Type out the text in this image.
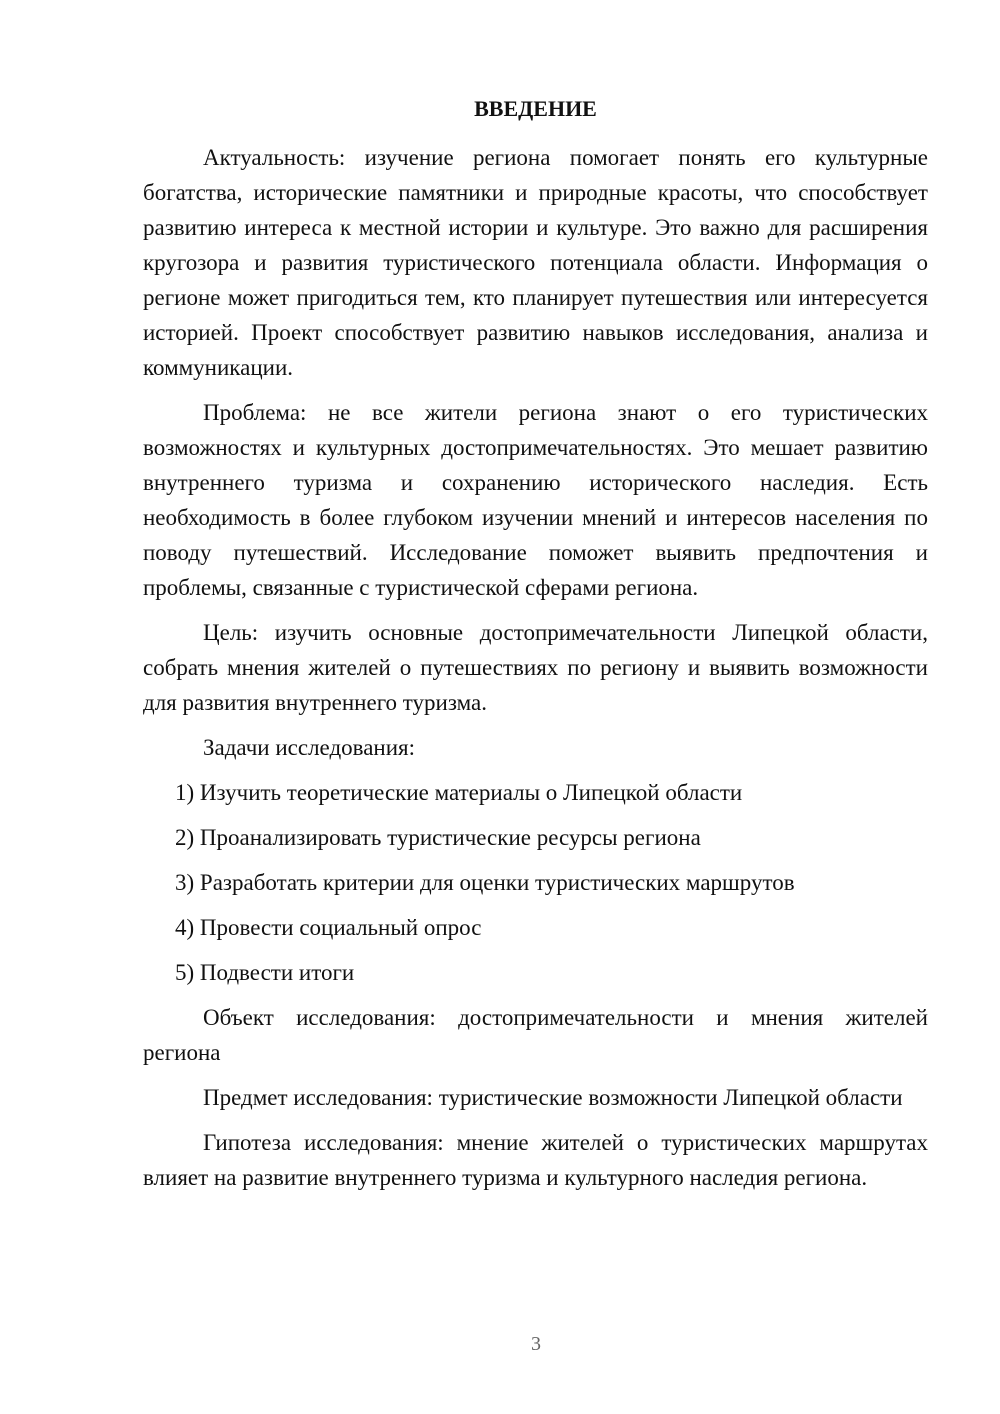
ВВЕДЕНИЕ

Актуальность: изучение региона помогает понять его культурные богатства, исторические памятники и природные красоты, что способствует развитию интереса к местной истории и культуре. Это важно для расширения кругозора и развития туристического потенциала области. Информация о регионе может пригодиться тем, кто планирует путешествия или интересуется историей. Проект способствует развитию навыков исследования, анализа и коммуникации.

Проблема: не все жители региона знают о его туристических возможностях и культурных достопримечательностях. Это мешает развитию внутреннего туризма и сохранению исторического наследия. Есть необходимость в более глубоком изучении мнений и интересов населения по поводу путешествий. Исследование поможет выявить предпочтения и проблемы, связанные с туристической сферами региона.

Цель: изучить основные достопримечательности Липецкой области, собрать мнения жителей о путешествиях по региону и выявить возможности для развития внутреннего туризма.

Задачи исследования:

1) Изучить теоретические материалы о Липецкой области
2) Проанализировать туристические ресурсы региона
3) Разработать критерии для оценки туристических маршрутов
4) Провести социальный опрос
5) Подвести итоги

Объект исследования: достопримечательности и мнения жителей региона

Предмет исследования: туристические возможности Липецкой области

Гипотеза исследования: мнение жителей о туристических маршрутах влияет на развитие внутреннего туризма и культурного наследия региона.

3
